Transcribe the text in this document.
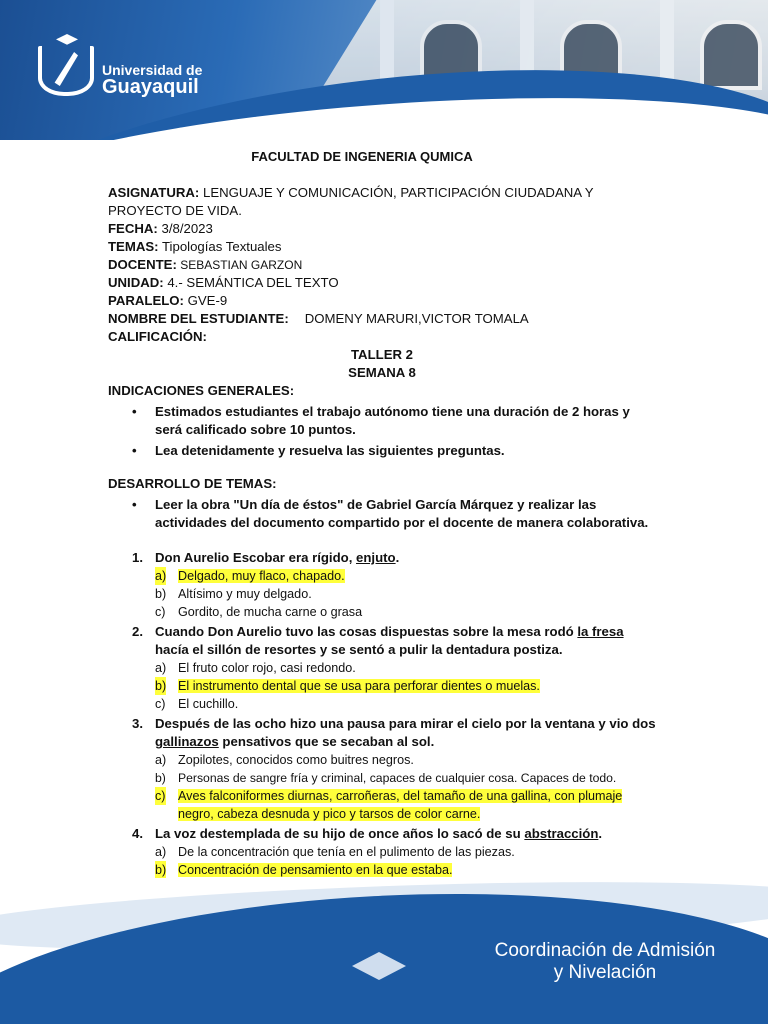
Universidad de
Guayaquil
FACULTAD DE INGENERIA QUMICA
ASIGNATURA: LENGUAJE Y COMUNICACIÓN, PARTICIPACIÓN CIUDADANA Y PROYECTO DE VIDA.
FECHA: 3/8/2023
TEMAS: Tipologías Textuales
DOCENTE: SEBASTIAN GARZON
UNIDAD: 4.- SEMÁNTICA DEL TEXTO
PARALELO: GVE-9
NOMBRE DEL ESTUDIANTE: DOMENY MARURI,VICTOR TOMALA
CALIFICACIÓN:
TALLER 2
SEMANA 8
INDICACIONES GENERALES:
• Estimados estudiantes el trabajo autónomo tiene una duración de 2 horas y será calificado sobre 10 puntos.
• Lea detenidamente y resuelva las siguientes preguntas.
DESARROLLO DE TEMAS:
• Leer la obra "Un día de éstos" de Gabriel García Márquez y realizar las actividades del documento compartido por el docente de manera colaborativa.
1. Don Aurelio Escobar era rígido, enjuto.
a) Delgado, muy flaco, chapado.
b) Altísimo y muy delgado.
c) Gordito, de mucha carne o grasa
2. Cuando Don Aurelio tuvo las cosas dispuestas sobre la mesa rodó la fresa hacía el sillón de resortes y se sentó a pulir la dentadura postiza.
a) El fruto color rojo, casi redondo.
b) El instrumento dental que se usa para perforar dientes o muelas.
c) El cuchillo.
3. Después de las ocho hizo una pausa para mirar el cielo por la ventana y vio dos gallinazos pensativos que se secaban al sol.
a) Zopilotes, conocidos como buitres negros.
b) Personas de sangre fría y criminal, capaces de cualquier cosa. Capaces de todo.
c) Aves falconiformes diurnas, carroñeras, del tamaño de una gallina, con plumaje negro, cabeza desnuda y pico y tarsos de color carne.
4. La voz destemplada de su hijo de once años lo sacó de su abstracción.
a) De la concentración que tenía en el pulimento de las piezas.
b) Concentración de pensamiento en la que estaba.
Coordinación de Admisión
y Nivelación
